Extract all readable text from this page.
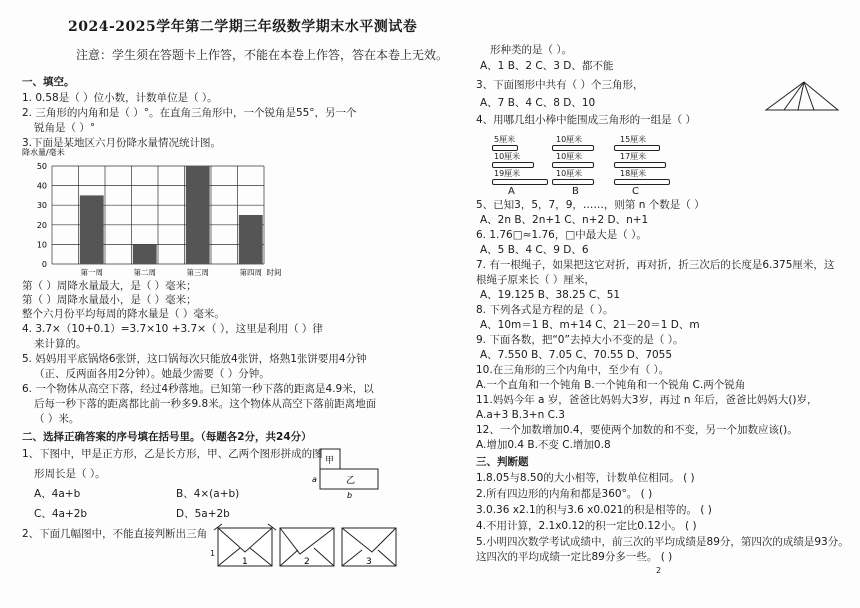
2024-2025学年第二学期三年级数学期末水平测试卷
注意：学生须在答题卡上作答，不能在本卷上作答，答在本卷上无效。
一、填空。
1. 0.58是（ ）位小数，计数单位是（ ）。
2. 三角形的内角和是（ ）°。在直角三角形中，一个锐角是55°，另一个
锐角是（ ）°
3.下面是某地区六月份降水量情况统计图。
降水量/毫米
0
10
20
30
40
50
第一周	第二周	第三周	第四周 时间
第（ ）周降水量最大，是（ ）毫米；
第（ ）周降水量最小，是（ ）毫米；
整个六月份平均每周的降水量是（ ）毫米。
4. 3.7×（10+0.1）=3.7×10 +3.7×（ ），这里是利用（ ）律
来计算的。
5. 妈妈用平底锅烙6张饼，这口锅每次只能放4张饼，烙熟1张饼要用4分钟
（正、反两面各用2分钟）。她最少需要（ ）分钟。
6. 一个物体从高空下落，经过4秒落地。已知第一秒下落的距离是4.9米，以
后每一秒下落的距离都比前一秒多9.8米。这个物体从高空下落前距离地面
（ ）米。
二、选择正确答案的序号填在括号里。（每题各2分，共24分）
1、下图中，甲是正方形，乙是长方形，甲、乙两个图形拼成的图
形周长是（ ）。
A、4a+b	B、4×(a+b)
C、4a+2b	D、5a+2b
2、下面几幅图中，不能直接判断出三角
甲
乙
a
b
1	2	3
1
形种类的是（ ）。
A、1 B、2 C、3 D、都不能
3、下面图形中共有（ ）个三角形，
A、7 B、4 C、8 D、10
4、用哪几组小棒中能围成三角形的一组是（ ）
5厘米
10厘米
19厘米
A
10厘米
10厘米
10厘米
B
15厘米
17厘米
18厘米
C
5、已知3，5，7，9，……，则第 n 个数是（ ）
A、2n B、2n+1 C、n+2 D、n+1
6. 1.76□≈1.76，□中最大是（ ）。
A、5 B、4 C、9 D、6
7. 有一根绳子，如果把这它对折，再对折，折三次后的长度是6.375厘米，这
根绳子原来长（ ）厘米，
A、19.125 B、38.25 C、51
8. 下列各式是方程的是（ ）。
A、10m＝1 B、m+14 C、21－20＝1 D、m
9. 下面各数，把“0”去掉大小不变的是（ ）。
A、7.550 B、7.05 C、70.55 D、7055
10.在三角形的三个内角中，至少有（ ）。
A.一个直角和一个钝角 B.一个钝角和一个锐角 C.两个锐角
11.妈妈今年 a 岁，爸爸比妈妈大3岁，再过 n 年后，爸爸比妈妈大()岁，
A.a+3 B.3+n C.3
12、一个加数增加0.4，要使两个加数的和不变，另一个加数应该()。
A.增加0.4 B.不变 C.增加0.8
三、判断题
1.8.05与8.50的大小相等，计数单位相同。 ( )
2.所有四边形的内角和都是360°。 ( )
3.0.36 x2.1的积与3.6 x0.021的积是相等的。 ( )
4.不用计算，2.1x0.12的积一定比0.12小。 ( )
5.小明四次数学考试成绩中，前三次的平均成绩是89分，第四次的成绩是93分。
这四次的平均成绩一定比89分多一些。 ( )
2
